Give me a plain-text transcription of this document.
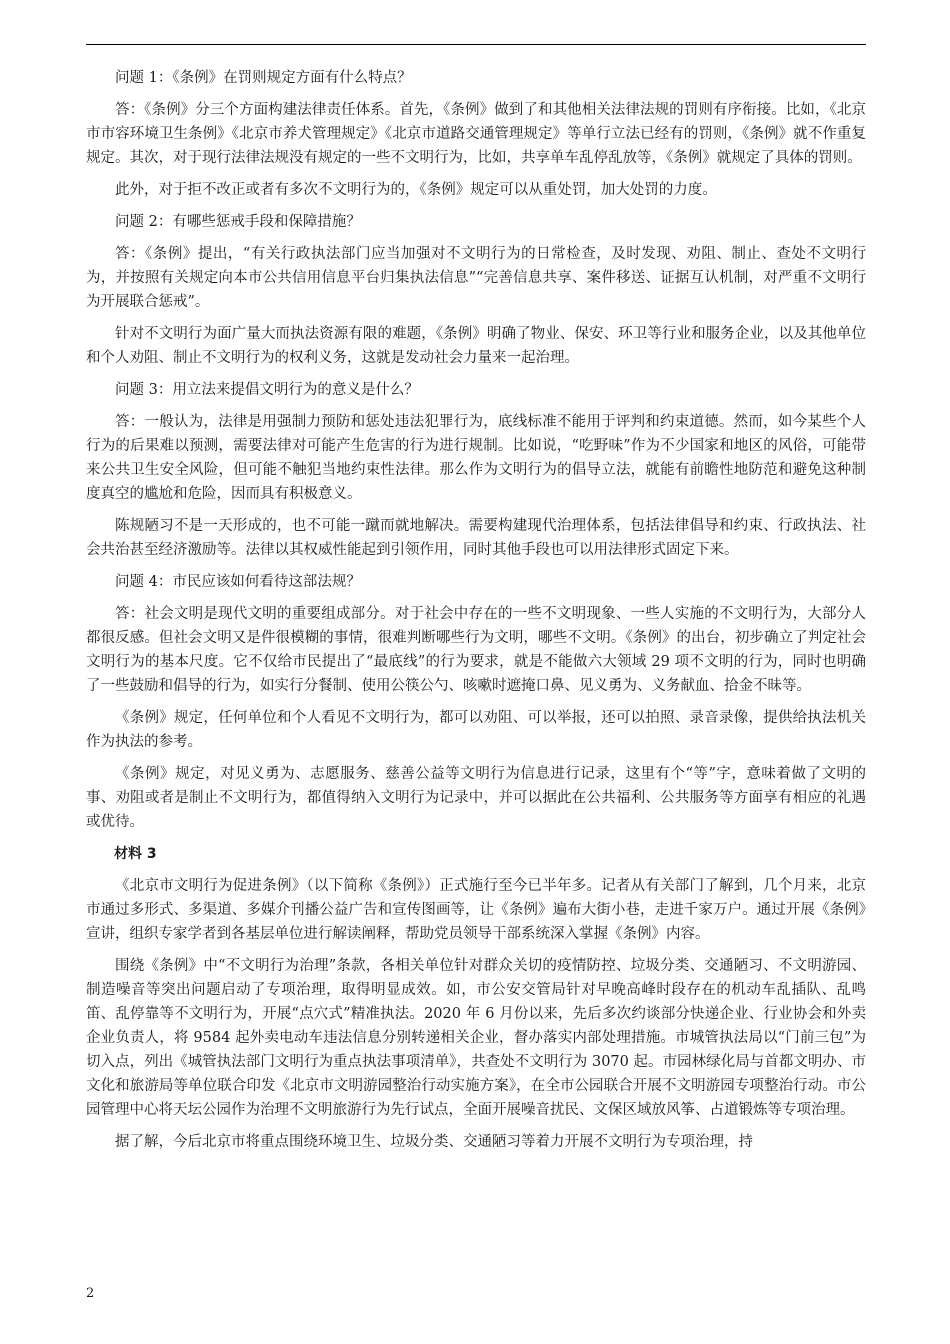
问题 1：《条例》在罚则规定方面有什么特点？

答：《条例》分三个方面构建法律责任体系。首先，《条例》做到了和其他相关法律法规的罚则有序衔接。比如，《北京市市容环境卫生条例》《北京市养犬管理规定》《北京市道路交通管理规定》等单行立法已经有的罚则，《条例》就不作重复规定。其次，对于现行法律法规没有规定的一些不文明行为，比如，共享单车乱停乱放等，《条例》就规定了具体的罚则。

此外，对于拒不改正或者有多次不文明行为的，《条例》规定可以从重处罚，加大处罚的力度。

问题 2：有哪些惩戒手段和保障措施？

答：《条例》提出，“有关行政执法部门应当加强对不文明行为的日常检查，及时发现、劝阻、制止、查处不文明行为，并按照有关规定向本市公共信用信息平台归集执法信息”“完善信息共享、案件移送、证据互认机制，对严重不文明行为开展联合惩戒”。

针对不文明行为面广量大而执法资源有限的难题，《条例》明确了物业、保安、环卫等行业和服务企业，以及其他单位和个人劝阻、制止不文明行为的权利义务，这就是发动社会力量来一起治理。

问题 3：用立法来提倡文明行为的意义是什么？

答：一般认为，法律是用强制力预防和惩处违法犯罪行为，底线标准不能用于评判和约束道德。然而，如今某些个人行为的后果难以预测，需要法律对可能产生危害的行为进行规制。比如说，“吃野味”作为不少国家和地区的风俗，可能带来公共卫生安全风险，但可能不触犯当地约束性法律。那么作为文明行为的倡导立法，就能有前瞻性地防范和避免这种制度真空的尴尬和危险，因而具有积极意义。

陈规陋习不是一天形成的，也不可能一蹴而就地解决。需要构建现代治理体系，包括法律倡导和约束、行政执法、社会共治甚至经济激励等。法律以其权威性能起到引领作用，同时其他手段也可以用法律形式固定下来。

问题 4：市民应该如何看待这部法规？

答：社会文明是现代文明的重要组成部分。对于社会中存在的一些不文明现象、一些人实施的不文明行为，大部分人都很反感。但社会文明又是件很模糊的事情，很难判断哪些行为文明，哪些不文明。《条例》的出台，初步确立了判定社会文明行为的基本尺度。它不仅给市民提出了“最底线”的行为要求，就是不能做六大领域 29 项不文明的行为，同时也明确了一些鼓励和倡导的行为，如实行分餐制、使用公筷公勺、咳嗽时遮掩口鼻、见义勇为、义务献血、拾金不昧等。

《条例》规定，任何单位和个人看见不文明行为，都可以劝阻、可以举报，还可以拍照、录音录像，提供给执法机关作为执法的参考。

《条例》规定，对见义勇为、志愿服务、慈善公益等文明行为信息进行记录，这里有个“等”字，意味着做了文明的事、劝阻或者是制止不文明行为，都值得纳入文明行为记录中，并可以据此在公共福利、公共服务等方面享有相应的礼遇或优待。

材料 3

《北京市文明行为促进条例》（以下简称《条例》）正式施行至今已半年多。记者从有关部门了解到，几个月来，北京市通过多形式、多渠道、多媒介刊播公益广告和宣传图画等，让《条例》遍布大街小巷，走进千家万户。通过开展《条例》宣讲，组织专家学者到各基层单位进行解读阐释，帮助党员领导干部系统深入掌握《条例》内容。

围绕《条例》中“不文明行为治理”条款，各相关单位针对群众关切的疫情防控、垃圾分类、交通陋习、不文明游园、制造噪音等突出问题启动了专项治理，取得明显成效。如，市公安交管局针对早晚高峰时段存在的机动车乱插队、乱鸣笛、乱停靠等不文明行为，开展“点穴式”精准执法。2020 年 6 月份以来，先后多次约谈部分快递企业、行业协会和外卖企业负责人，将 9584 起外卖电动车违法信息分别转递相关企业，督办落实内部处理措施。市城管执法局以“门前三包”为切入点，列出《城管执法部门文明行为重点执法事项清单》，共查处不文明行为 3070 起。市园林绿化局与首都文明办、市文化和旅游局等单位联合印发《北京市文明游园整治行动实施方案》，在全市公园联合开展不文明游园专项整治行动。市公园管理中心将天坛公园作为治理不文明旅游行为先行试点，全面开展噪音扰民、文保区域放风筝、占道锻炼等专项治理。

据了解，今后北京市将重点围绕环境卫生、垃圾分类、交通陋习等着力开展不文明行为专项治理，持

2
